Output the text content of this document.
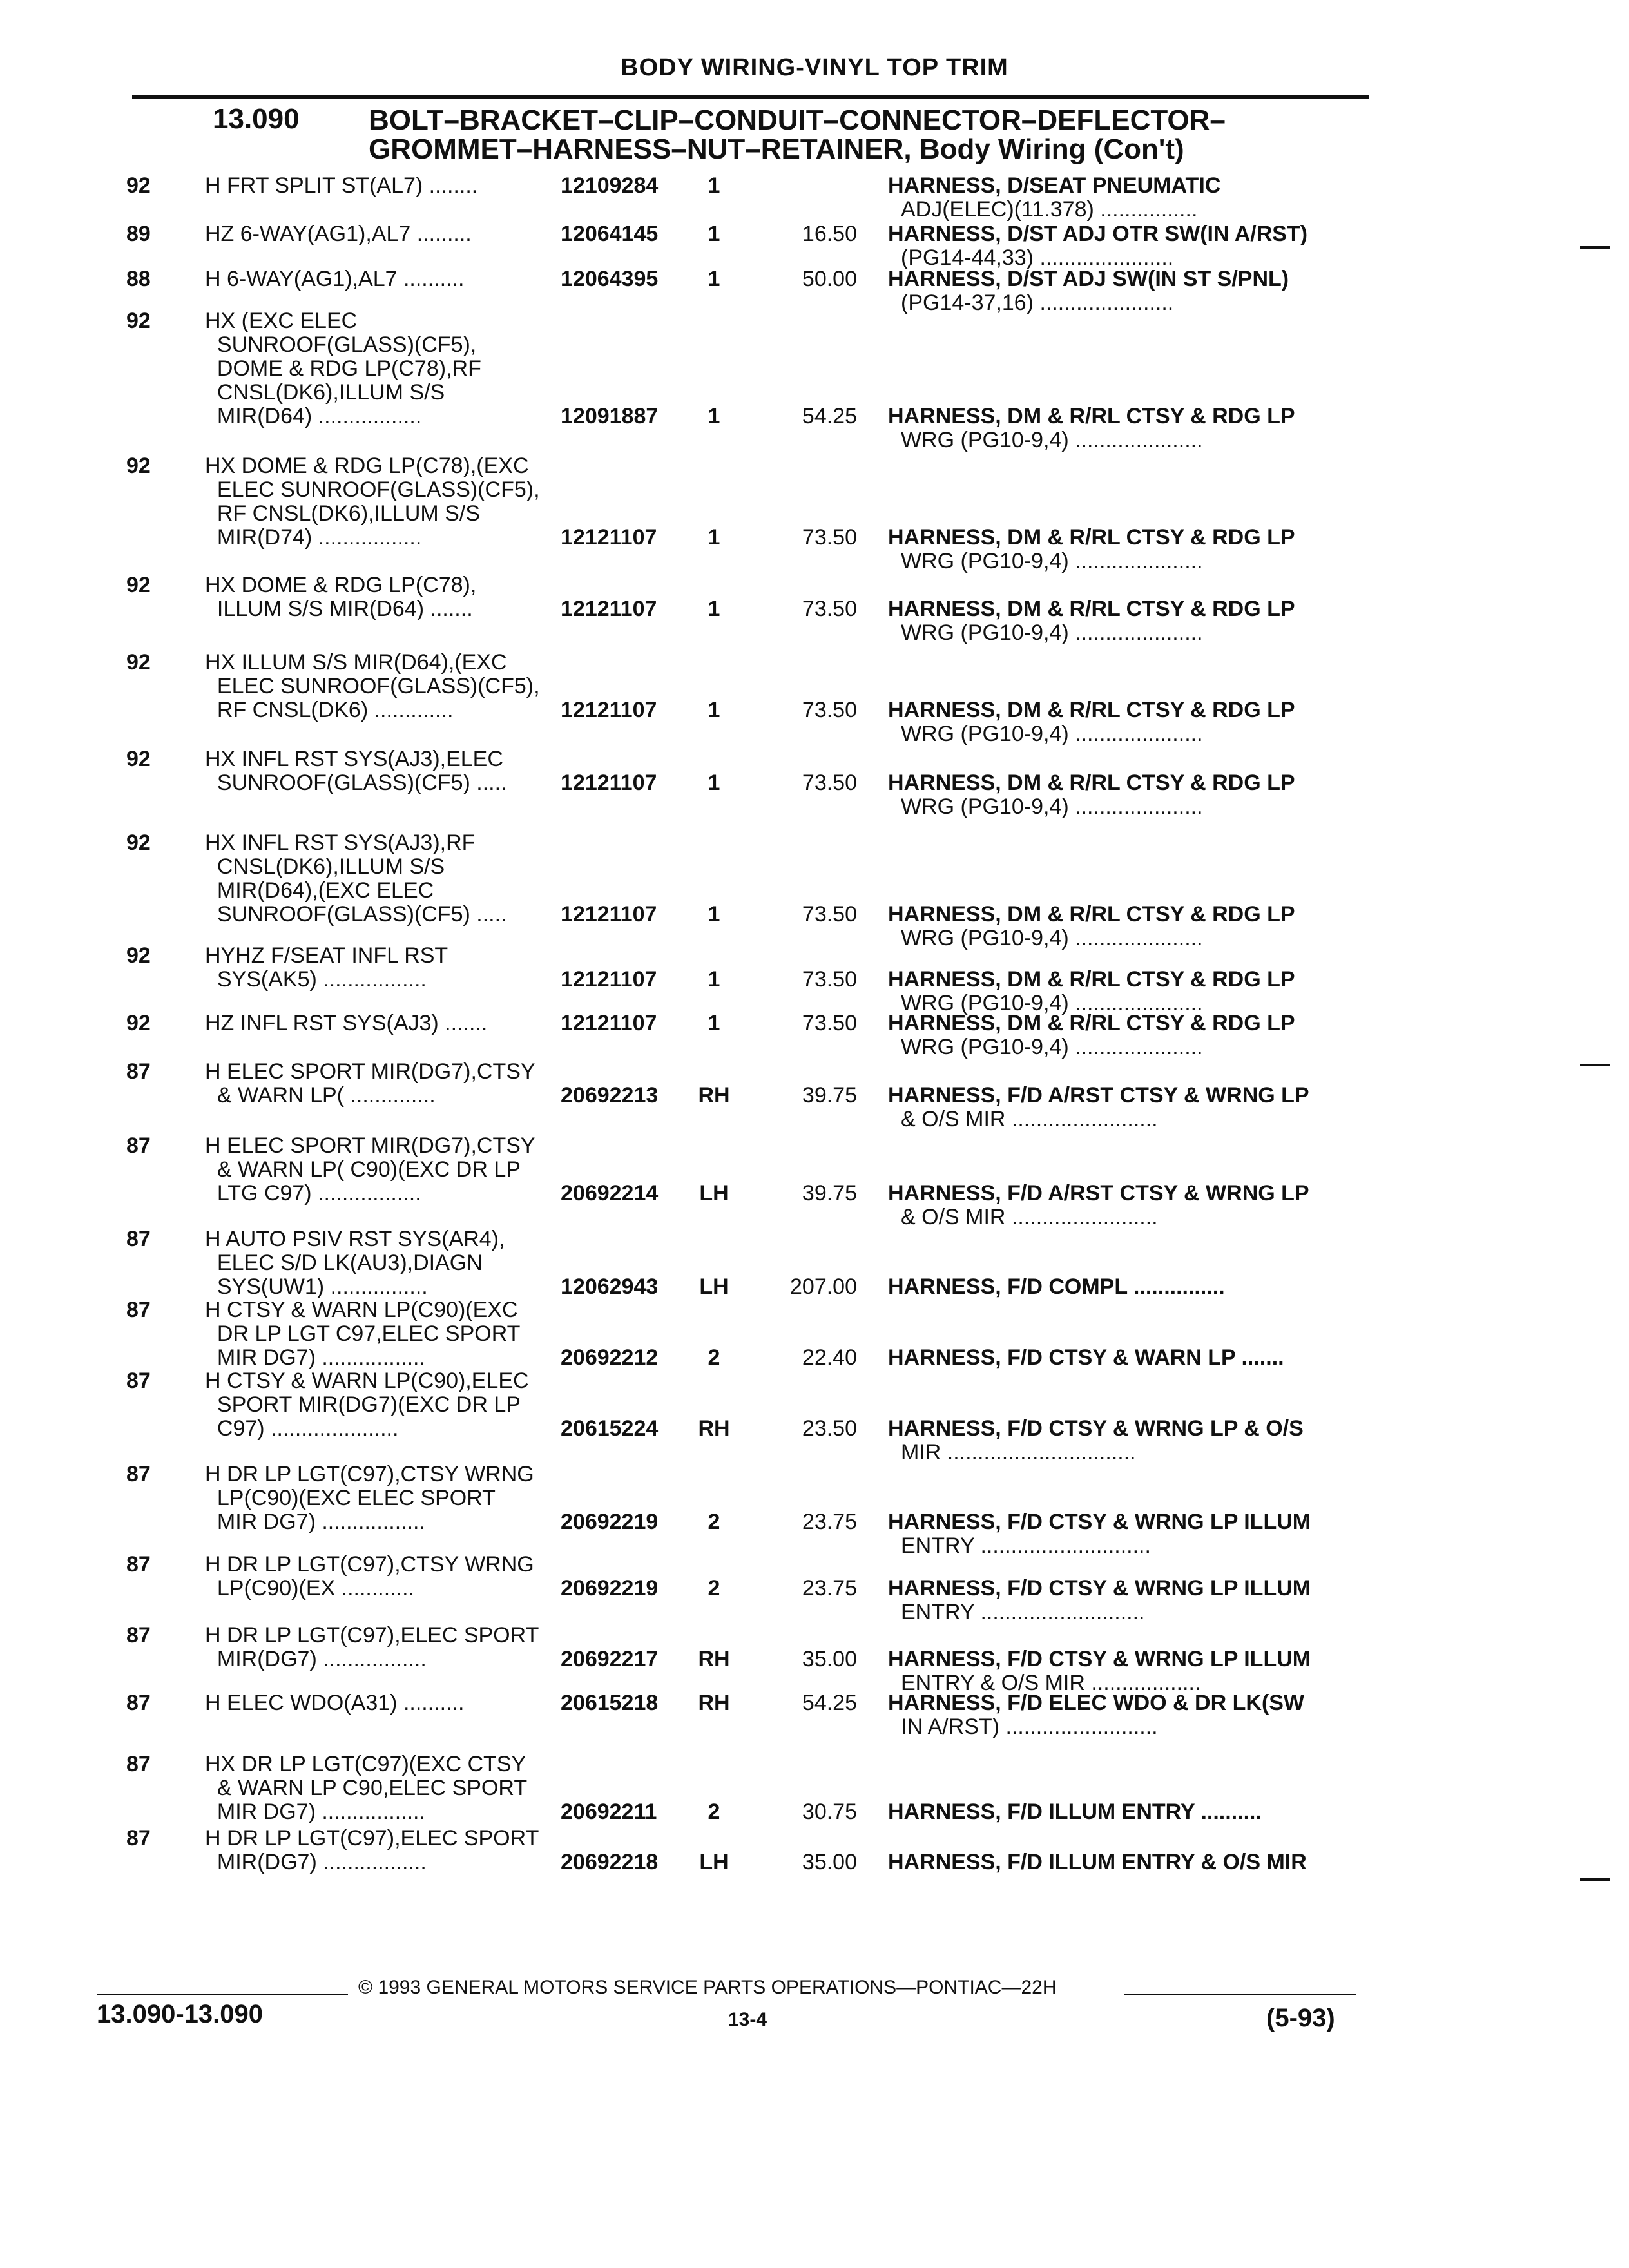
BODY WIRING-VINYL TOP TRIM
13.090 BOLT–BRACKET–CLIP–CONDUIT–CONNECTOR–DEFLECTOR–
GROMMET–HARNESS–NUT–RETAINER, Body Wiring (Con't)
92 H FRT SPLIT ST(AL7) ........	12109284	1	HARNESS, D/SEAT PNEUMATIC
ADJ(ELEC)(11.378) ................
89 HZ 6-WAY(AG1),AL7 .........	12064145	1	16.50 HARNESS, D/ST ADJ OTR SW(IN A/RST)
(PG14-44,33) ......................
88 H 6-WAY(AG1),AL7 ..........	12064395	1	50.00 HARNESS, D/ST ADJ SW(IN ST S/PNL)
(PG14-37,16) ......................
92 HX (EXC ELEC
SUNROOF(GLASS)(CF5),
DOME & RDG LP(C78),RF
CNSL(DK6),ILLUM S/S
MIR(D64) .................	12091887	1	54.25 HARNESS, DM & R/RL CTSY & RDG LP
WRG (PG10-9,4) .....................
92 HX DOME & RDG LP(C78),(EXC
ELEC SUNROOF(GLASS)(CF5),
RF CNSL(DK6),ILLUM S/S
MIR(D74) .................	12121107	1	73.50 HARNESS, DM & R/RL CTSY & RDG LP
WRG (PG10-9,4) .....................
92 HX DOME & RDG LP(C78),
ILLUM S/S MIR(D64) .......	12121107	1	73.50 HARNESS, DM & R/RL CTSY & RDG LP
WRG (PG10-9,4) .....................
92 HX ILLUM S/S MIR(D64),(EXC
ELEC SUNROOF(GLASS)(CF5),
RF CNSL(DK6) .............	12121107	1	73.50 HARNESS, DM & R/RL CTSY & RDG LP
WRG (PG10-9,4) .....................
92 HX INFL RST SYS(AJ3),ELEC
SUNROOF(GLASS)(CF5) ..... 12121107	1	73.50 HARNESS, DM & R/RL CTSY & RDG LP
WRG (PG10-9,4) .....................
92 HX INFL RST SYS(AJ3),RF
CNSL(DK6),ILLUM S/S
MIR(D64),(EXC ELEC
SUNROOF(GLASS)(CF5) ..... 12121107	1	73.50 HARNESS, DM & R/RL CTSY & RDG LP
WRG (PG10-9,4) .....................
92 HYHZ F/SEAT INFL RST
SYS(AK5) .................	12121107	1	73.50 HARNESS, DM & R/RL CTSY & RDG LP
WRG (PG10-9,4) .....................
92 HZ INFL RST SYS(AJ3) .......	12121107	1	73.50 HARNESS, DM & R/RL CTSY & RDG LP
WRG (PG10-9,4) .....................
87 H ELEC SPORT MIR(DG7),CTSY
& WARN LP( ..............	20692213	RH	39.75 HARNESS, F/D A/RST CTSY & WRNG LP
& O/S MIR ........................
87 H ELEC SPORT MIR(DG7),CTSY
& WARN LP( C90)(EXC DR LP
LTG C97) .................	20692214	LH	39.75 HARNESS, F/D A/RST CTSY & WRNG LP
& O/S MIR ........................
87 H AUTO PSIV RST SYS(AR4),
ELEC S/D LK(AU3),DIAGN
SYS(UW1) ................	12062943	LH	207.00 HARNESS, F/D COMPL ...............
87 H CTSY & WARN LP(C90)(EXC
DR LP LGT C97,ELEC SPORT
MIR DG7) .................	20692212	2	22.40 HARNESS, F/D CTSY & WARN LP .......
87 H CTSY & WARN LP(C90),ELEC
SPORT MIR(DG7)(EXC DR LP
C97) .....................	20615224	RH	23.50 HARNESS, F/D CTSY & WRNG LP & O/S
MIR ...............................
87 H DR LP LGT(C97),CTSY WRNG
LP(C90)(EXC ELEC SPORT
MIR DG7) .................	20692219	2	23.75 HARNESS, F/D CTSY & WRNG LP ILLUM
ENTRY ............................
87 H DR LP LGT(C97),CTSY WRNG
LP(C90)(EX ............	20692219	2	23.75 HARNESS, F/D CTSY & WRNG LP ILLUM
ENTRY ...........................
87 H DR LP LGT(C97),ELEC SPORT
MIR(DG7) .................	20692217	RH	35.00 HARNESS, F/D CTSY & WRNG LP ILLUM
ENTRY & O/S MIR ..................
87 H ELEC WDO(A31) ..........	20615218	RH	54.25 HARNESS, F/D ELEC WDO & DR LK(SW
IN A/RST) .........................
87 HX DR LP LGT(C97)(EXC CTSY
& WARN LP C90,ELEC SPORT
MIR DG7) .................	20692211	2	30.75 HARNESS, F/D ILLUM ENTRY ..........
87 H DR LP LGT(C97),ELEC SPORT
MIR(DG7) .................	20692218	LH	35.00 HARNESS, F/D ILLUM ENTRY & O/S MIR
© 1993 GENERAL MOTORS SERVICE PARTS OPERATIONS—PONTIAC—22H
13.090-13.090	13-4	(5-93)
